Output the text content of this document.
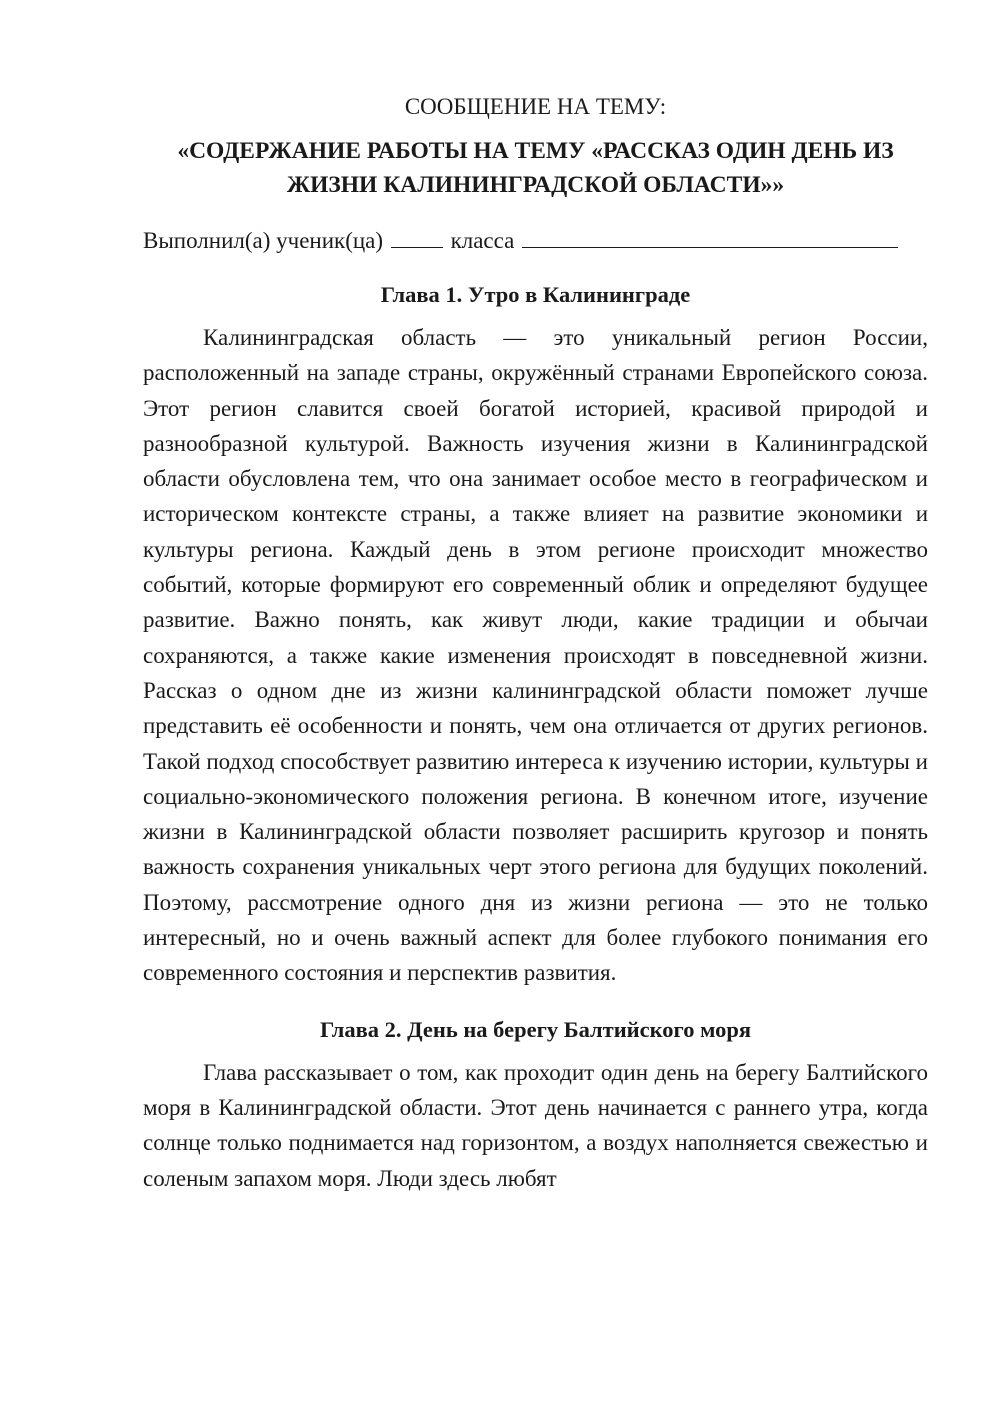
СООБЩЕНИЕ НА ТЕМУ:

«СОДЕРЖАНИЕ РАБОТЫ НА ТЕМУ «РАССКАЗ ОДИН ДЕНЬ ИЗ ЖИЗНИ КАЛИНИНГРАДСКОЙ ОБЛАСТИ»»

Выполнил(а) ученик(ца)	класса

Глава 1. Утро в Калининграде

Калининградская область — это уникальный регион России, расположенный на западе страны, окружённый странами Европейского союза. Этот регион славится своей богатой историей, красивой природой и разнообразной культурой. Важность изучения жизни в Калининградской области обусловлена тем, что она занимает особое место в географическом и историческом контексте страны, а также влияет на развитие экономики и культуры региона. Каждый день в этом регионе происходит множество событий, которые формируют его современный облик и определяют будущее развитие. Важно понять, как живут люди, какие традиции и обычаи сохраняются, а также какие изменения происходят в повседневной жизни. Рассказ о одном дне из жизни калининградской области поможет лучше представить её особенности и понять, чем она отличается от других регионов. Такой подход способствует развитию интереса к изучению истории, культуры и социально-экономического положения региона. В конечном итоге, изучение жизни в Калининградской области позволяет расширить кругозор и понять важность сохранения уникальных черт этого региона для будущих поколений. Поэтому, рассмотрение одного дня из жизни региона — это не только интересный, но и очень важный аспект для более глубокого понимания его современного состояния и перспектив развития.

Глава 2. День на берегу Балтийского моря

Глава рассказывает о том, как проходит один день на берегу Балтийского моря в Калининградской области. Этот день начинается с раннего утра, когда солнце только поднимается над горизонтом, а воздух наполняется свежестью и соленым запахом моря. Люди здесь любят
